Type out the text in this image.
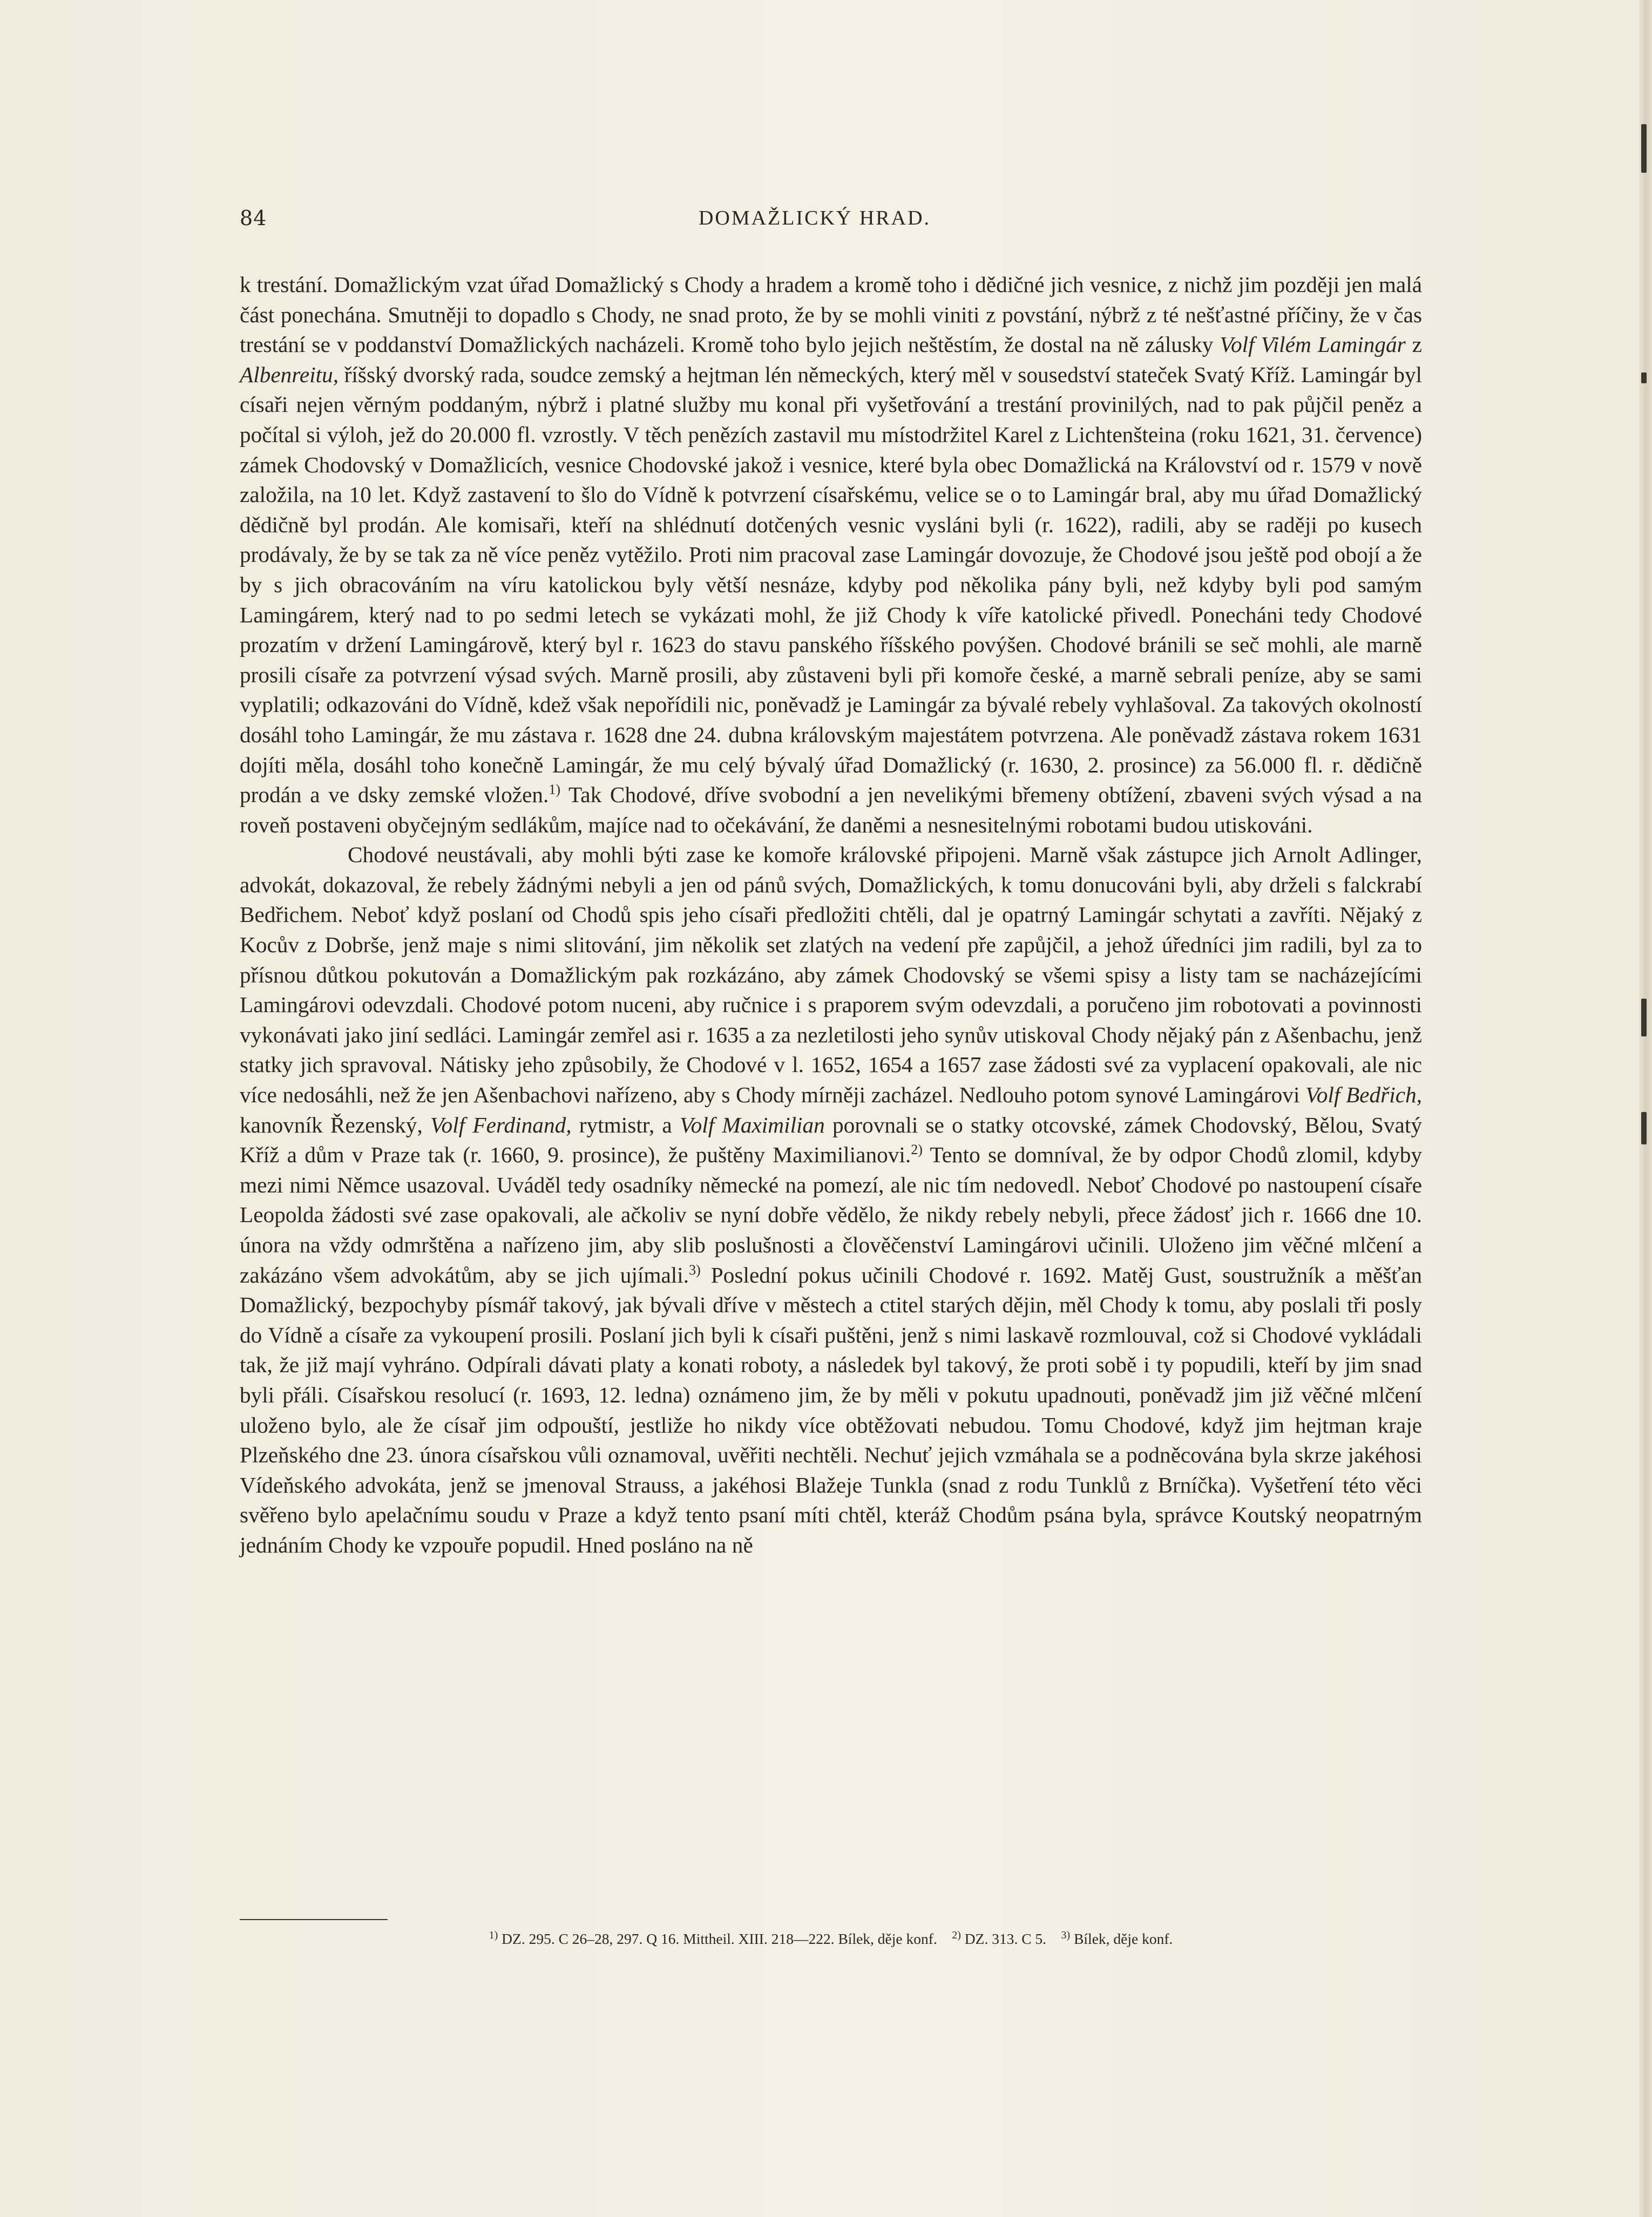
84	DOMAŽLICKÝ HRAD.

k trestání. Domažlickým vzat úřad Domažlický s Chody a hradem a kromě toho i dědičné jich vesnice, z nichž jim později jen malá část ponechána. Smutněji to dopadlo s Chody, ne snad proto, že by se mohli viniti z povstání, nýbrž z té nešťastné příčiny, že v čas trestání se v poddanství Domažlických nacházeli. Kromě toho bylo jejich neštěstím, že dostal na ně zálusky Volf Vilém Lamingár z Albenreitu, říšský dvorský rada, soudce zemský a hejtman lén německých, který měl v sousedství stateček Svatý Kříž. Lamingár byl císaři nejen věrným poddaným, nýbrž i platné služby mu konal při vyšetřování a trestání provinilých, nad to pak půjčil peněz a počítal si výloh, jež do 20.000 fl. vzrostly. V těch penězích zastavil mu místodržitel Karel z Lichtenšteina (roku 1621, 31. července) zámek Chodovský v Domažlicích, vesnice Chodovské jakož i vesnice, které byla obec Domažlická na Království od r. 1579 v nově založila, na 10 let. Když zastavení to šlo do Vídně k potvrzení císařskému, velice se o to Lamingár bral, aby mu úřad Domažlický dědičně byl prodán. Ale komisaři, kteří na shlédnutí dotčených vesnic vysláni byli (r. 1622), radili, aby se raději po kusech prodávaly, že by se tak za ně více peněz vytěžilo. Proti nim pracoval zase Lamingár dovozuje, že Chodové jsou ještě pod obojí a že by s jich obracováním na víru katolickou byly větší nesnáze, kdyby pod několika pány byli, než kdyby byli pod samým Lamingárem, který nad to po sedmi letech se vykázati mohl, že již Chody k víře katolické přivedl. Ponecháni tedy Chodové prozatím v držení Lamingárově, který byl r. 1623 do stavu panského říšského povýšen. Chodové bránili se seč mohli, ale marně prosili císaře za potvrzení výsad svých. Marně prosili, aby zůstaveni byli při komoře české, a marně sebrali peníze, aby se sami vyplatili; odkazováni do Vídně, kdež však nepořídili nic, poněvadž je Lamingár za bývalé rebely vyhlašoval. Za takových okolností dosáhl toho Lamingár, že mu zástava r. 1628 dne 24. dubna královským majestátem potvrzena. Ale poněvadž zástava rokem 1631 dojíti měla, dosáhl toho konečně Lamingár, že mu celý bývalý úřad Domažlický (r. 1630, 2. prosince) za 56.000 fl. r. dědičně prodán a ve dsky zemské vložen.$^{1)}$ Tak Chodové, dříve svobodní a jen nevelikými břemeny obtížení, zbaveni svých výsad a na roveň postaveni obyčejným sedlákům, majíce nad to očekávání, že daněmi a nesnesitelnými robotami budou utiskováni.

Chodové neustávali, aby mohli býti zase ke komoře královské připojeni. Marně však zástupce jich Arnolt Adlinger, advokát, dokazoval, že rebely žádnými nebyli a jen od pánů svých, Domažlických, k tomu donucováni byli, aby drželi s falckrabí Bedřichem. Neboť když poslaní od Chodů spis jeho císaři předložiti chtěli, dal je opatrný Lamingár schytati a zavříti. Nějaký z Kocův z Dobrše, jenž maje s nimi slitování, jim několik set zlatých na vedení pře zapůjčil, a jehož úředníci jim radili, byl za to přísnou důtkou pokutován a Domažlickým pak rozkázáno, aby zámek Chodovský se všemi spisy a listy tam se nacházejícími Lamingárovi odevzdali. Chodové potom nuceni, aby ručnice i s praporem svým odevzdali, a poručeno jim robotovati a povinnosti vykonávati jako jiní sedláci. Lamingár zemřel asi r. 1635 a za nezletilosti jeho synův utiskoval Chody nějaký pán z Ašenbachu, jenž statky jich spravoval. Nátisky jeho způsobily, že Chodové v l. 1652, 1654 a 1657 zase žádosti své za vyplacení opakovali, ale nic více nedosáhli, než že jen Ašenbachovi nařízeno, aby s Chody mírněji zacházel. Nedlouho potom synové Lamingárovi Volf Bedřich, kanovník Řezenský, Volf Ferdinand, rytmistr, a Volf Maximilian porovnali se o statky otcovské, zámek Chodovský, Bělou, Svatý Kříž a dům v Praze tak (r. 1660, 9. prosince), že puštěny Maximilianovi.$^{2)}$ Tento se domníval, že by odpor Chodů zlomil, kdyby mezi nimi Němce usazoval. Uváděl tedy osadníky německé na pomezí, ale nic tím nedovedl. Neboť Chodové po nastoupení císaře Leopolda žádosti své zase opakovali, ale ačkoliv se nyní dobře vědělo, že nikdy rebely nebyli, přece žádosť jich r. 1666 dne 10. února na vždy odmrštěna a nařízeno jim, aby slib poslušnosti a člověčenství Lamingárovi učinili. Uloženo jim věčné mlčení a zakázáno všem advokátům, aby se jich ujímali.$^{3)}$ Poslední pokus učinili Chodové r. 1692. Matěj Gust, soustružník a měšťan Domažlický, bezpochyby písmář takový, jak bývali dříve v městech a ctitel starých dějin, měl Chody k tomu, aby poslali tři posly do Vídně a císaře za vykoupení prosili. Poslaní jich byli k císaři puštěni, jenž s nimi laskavě rozmlouval, což si Chodové vykládali tak, že již mají vyhráno. Odpírali dávati platy a konati roboty, a následek byl takový, že proti sobě i ty popudili, kteří by jim snad byli přáli. Císařskou resolucí (r. 1693, 12. ledna) oznámeno jim, že by měli v pokutu upadnouti, poněvadž jim již věčné mlčení uloženo bylo, ale že císař jim odpouští, jestliže ho nikdy více obtěžovati nebudou. Tomu Chodové, když jim hejtman kraje Plzeňského dne 23. února císařskou vůli oznamoval, uvěřiti nechtěli. Nechuť jejich vzmáhala se a podněcována byla skrze jakéhosi Vídeňského advokáta, jenž se jmenoval Strauss, a jakéhosi Blažeje Tunkla (snad z rodu Tunklů z Brníčka). Vyšetření této věci svěřeno bylo apelačnímu soudu v Praze a když tento psaní míti chtěl, kteráž Chodům psána byla, správce Koutský neopatrným jednáním Chody ke vzpouře popudil. Hned posláno na ně

$^{1)}$ DZ. 295. C 26–28, 297. Q 16. Mittheil. XIII. 218—222. Bílek, děje konf. $^{2)}$ DZ. 313. C 5. $^{3)}$ Bílek, děje konf.
